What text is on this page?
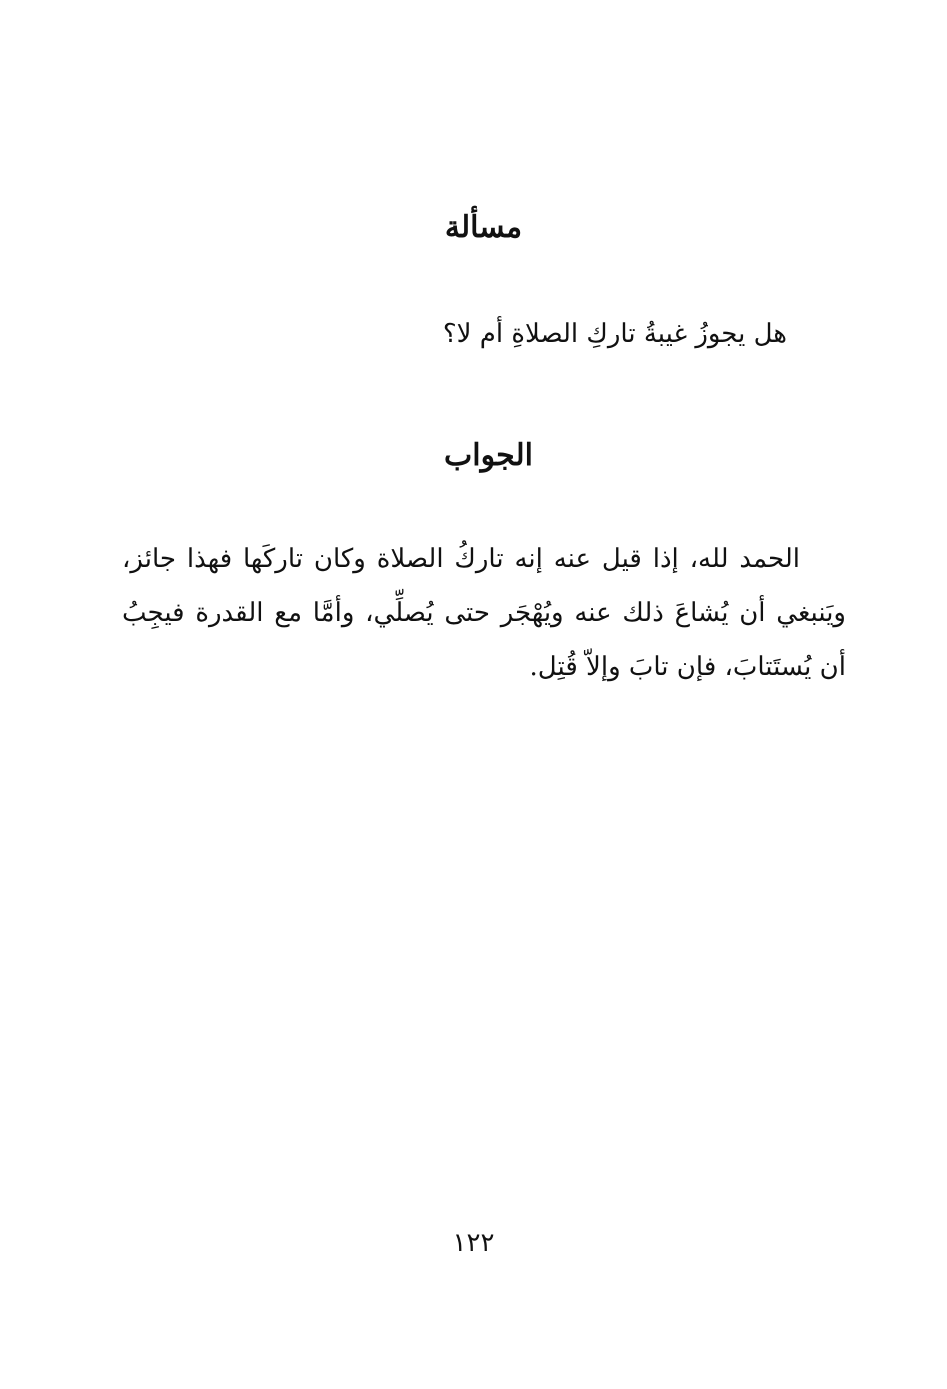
مسألة

هل يجوزُ غيبةُ تاركِ الصلاةِ أم لا؟

الجواب

الحمد لله، إذا قيل عنه إنه تاركُ الصلاة وكان تاركَها فهذا جائز، ويَنبغي أن يُشاعَ ذلك عنه ويُهْجَر حتى يُصلِّي، وأمَّا مع القدرة فيجِبُ أن يُستَتابَ، فإن تابَ وإلاّ قُتِل.

١٢٢
